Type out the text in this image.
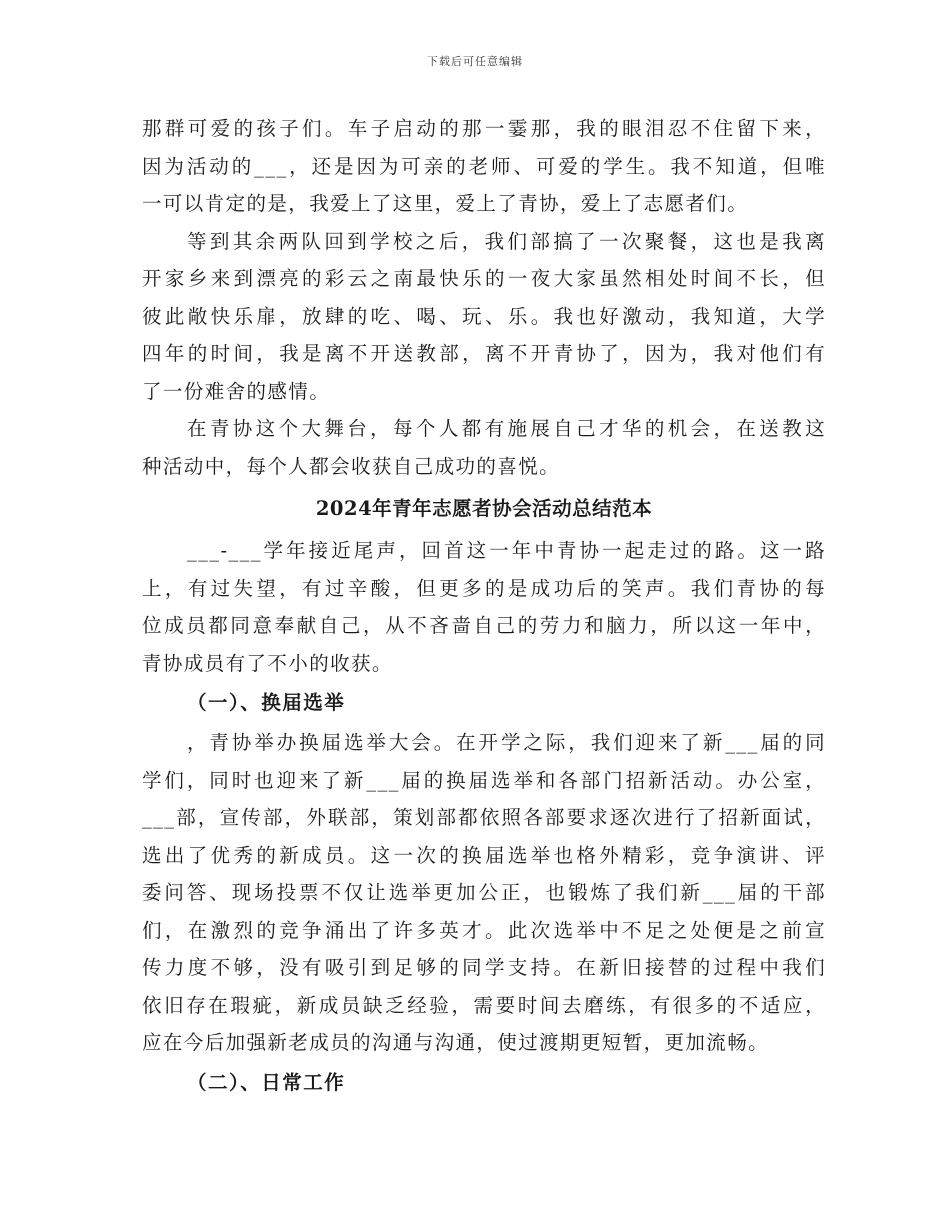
下载后可任意编辑
那群可爱的孩子们。车子启动的那一霎那，我的眼泪忍不住留下来，
因为活动的___，还是因为可亲的老师、可爱的学生。我不知道，但唯
一可以肯定的是，我爱上了这里，爱上了青协，爱上了志愿者们。
等到其余两队回到学校之后，我们部搞了一次聚餐，这也是我离
开家乡来到漂亮的彩云之南最快乐的一夜大家虽然相处时间不长，但
彼此敞快乐扉，放肆的吃、喝、玩、乐。我也好激动，我知道，大学
四年的时间，我是离不开送教部，离不开青协了，因为，我对他们有
了一份难舍的感情。
在青协这个大舞台，每个人都有施展自己才华的机会，在送教这
种活动中，每个人都会收获自己成功的喜悦。
2024年青年志愿者协会活动总结范本
___-___学年接近尾声，回首这一年中青协一起走过的路。这一路
上，有过失望，有过辛酸，但更多的是成功后的笑声。我们青协的每
位成员都同意奉献自己，从不吝啬自己的劳力和脑力，所以这一年中，
青协成员有了不小的收获。
（一）、换届选举
，青协举办换届选举大会。在开学之际，我们迎来了新___届的同
学们，同时也迎来了新___届的换届选举和各部门招新活动。办公室，
___部，宣传部，外联部，策划部都依照各部要求逐次进行了招新面试，
选出了优秀的新成员。这一次的换届选举也格外精彩，竞争演讲、评
委问答、现场投票不仅让选举更加公正，也锻炼了我们新___届的干部
们，在激烈的竞争涌出了许多英才。此次选举中不足之处便是之前宣
传力度不够，没有吸引到足够的同学支持。在新旧接替的过程中我们
依旧存在瑕疵，新成员缺乏经验，需要时间去磨练，有很多的不适应，
应在今后加强新老成员的沟通与沟通，使过渡期更短暂，更加流畅。
（二）、日常工作
